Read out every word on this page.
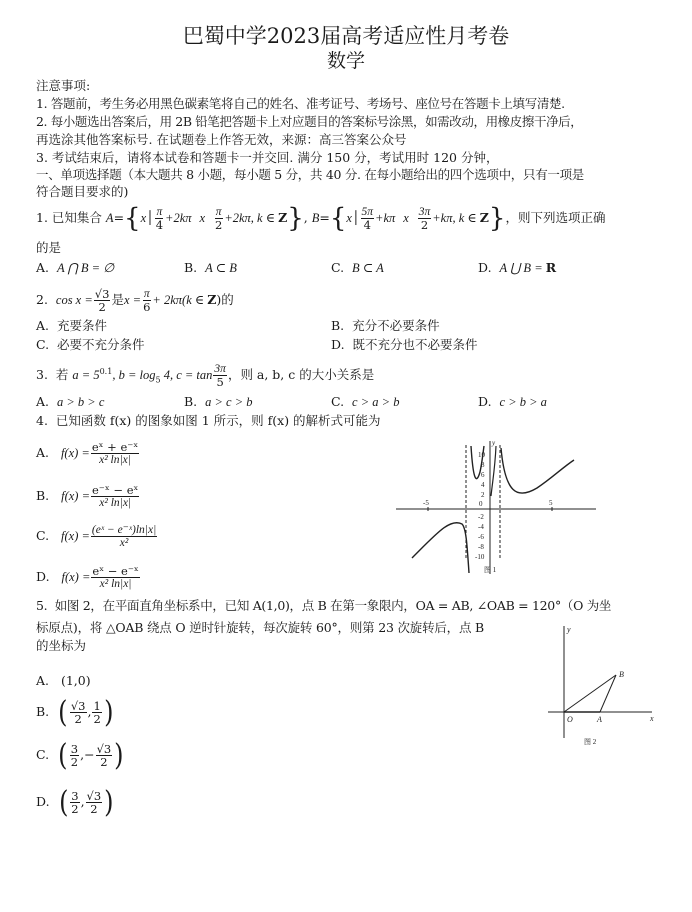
巴蜀中学2023届高考适应性月考卷
数学
注意事项:
1. 答题前，考生务必用黑色碳素笔将自己的姓名、准考证号、考场号、座位号在答题卡上填写清楚.
2. 每小题选出答案后，用 2B 铅笔把答题卡上对应题目的答案标号涂黑，如需改动，用橡皮擦干净后，
再选涂其他答案标号. 在试题卷上作答无效，来源：高三答案公众号
3. 考试结束后，请将本试卷和答题卡一并交回. 满分 150 分，考试用时 120 分钟，
一、单项选择题（本大题共 8 小题，每小题 5 分，共 40 分. 在每小题给出的四个选项中，只有一项是
符合题目要求的)
1. 已知集合 A={x│ $\frac{\pi}{4} +2k\pi$ x $\frac{\pi}{2} +2k\pi$, k ∈ Z}, B={x│ $\frac{5\pi}{4} +k\pi$ x $\frac{3\pi}{2} +k\pi$, k ∈ Z}，则下列选项正确
的是
A. A ⋂ B = ∅	B. A ⊂ B	C. B ⊂ A	D. A ⋃ B = R
2. $\cos x = \frac{√3}{2}$ 是$x = \frac{\pi}{6} + 2k\pi(k$ ∈ Z)的
A. 充要条件	B. 充分不必要条件
C. 必要不充分条件	D. 既不充分也不必要条件
3. 若 $a = 5^{0.1}$, $b = \log_5 4$, $c = \tan \frac{3\pi}{5}$ ，则 a, b, c 的大小关系是
A. a > b > c	B. a > c > b	C. c > a > b	D. c > b > a
4. 已知函数 f(x) 的图象如图 1 所示，则 f(x) 的解析式可能为
A. $f(x) = \frac{\text{eˣ + e⁻ˣ}}{\text{x² ln|x|}}$
B. $f(x) = \frac{\text{e⁻ˣ − eˣ}}{\text{x² ln|x|}}$
C. $f(x) = \frac{\text{(eˣ − e⁻ˣ)ln|x|}}{\text{x²}}$
D. $f(x) = \frac{\text{eˣ − e⁻ˣ}}{\text{x² ln|x|}}$
-5	5
y
10
8
6
4
2
0
-2
-4
-6
-8
-10
图 1
5. 如图 2，在平面直角坐标系中，已知 A(1,0)，点 B 在第一象限内，OA = AB, ∠OAB = 120°（O 为坐
标原点)，将 △OAB 绕点 O 逆时针旋转，每次旋转 60°，则第 23 次旋转后，点 B
的坐标为
A. (1,0)
B. ( $\frac{√3}{2}$ , $\frac{1}{2}$ )
C. ( $\frac{3}{2}$ ,− $\frac{√3}{2}$ )
D. ( $\frac{3}{2}$ , $\frac{√3}{2}$ )
y
x
O	A
B
图 2
